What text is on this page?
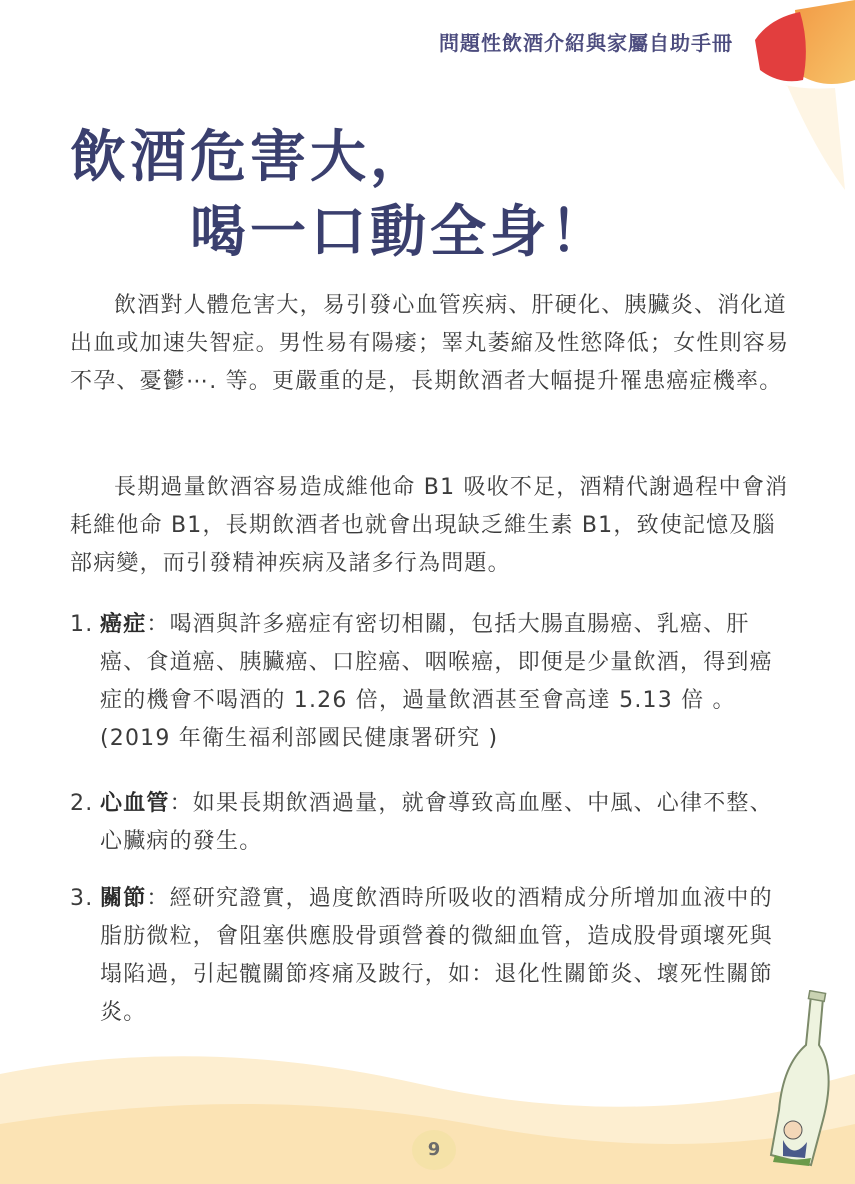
問題性飲酒介紹與家屬自助手冊
飲酒危害大，
喝一口動全身！
飲酒對人體危害大，易引發心血管疾病、肝硬化、胰臟炎、消化道出血或加速失智症。男性易有陽痿；睪丸萎縮及性慾降低；女性則容易不孕、憂鬱⋯. 等。更嚴重的是，長期飲酒者大幅提升罹患癌症機率。
長期過量飲酒容易造成維他命 B1 吸收不足，酒精代謝過程中會消耗維他命 B1，長期飲酒者也就會出現缺乏維生素 B1，致使記憶及腦部病變，而引發精神疾病及諸多行為問題。
1. 癌症：喝酒與許多癌症有密切相關，包括大腸直腸癌、乳癌、肝癌、食道癌、胰臟癌、口腔癌、咽喉癌，即便是少量飲酒，得到癌症的機會不喝酒的 1.26 倍，過量飲酒甚至會高達 5.13 倍 。(2019 年衛生福利部國民健康署研究 )
2. 心血管：如果長期飲酒過量，就會導致高血壓、中風、心律不整、心臟病的發生。
3. 關節：經研究證實，過度飲酒時所吸收的酒精成分所增加血液中的脂肪微粒，會阻塞供應股骨頭營養的微細血管，造成股骨頭壞死與塌陷過，引起髖關節疼痛及跛行，如：退化性關節炎、壞死性關節炎。
9
